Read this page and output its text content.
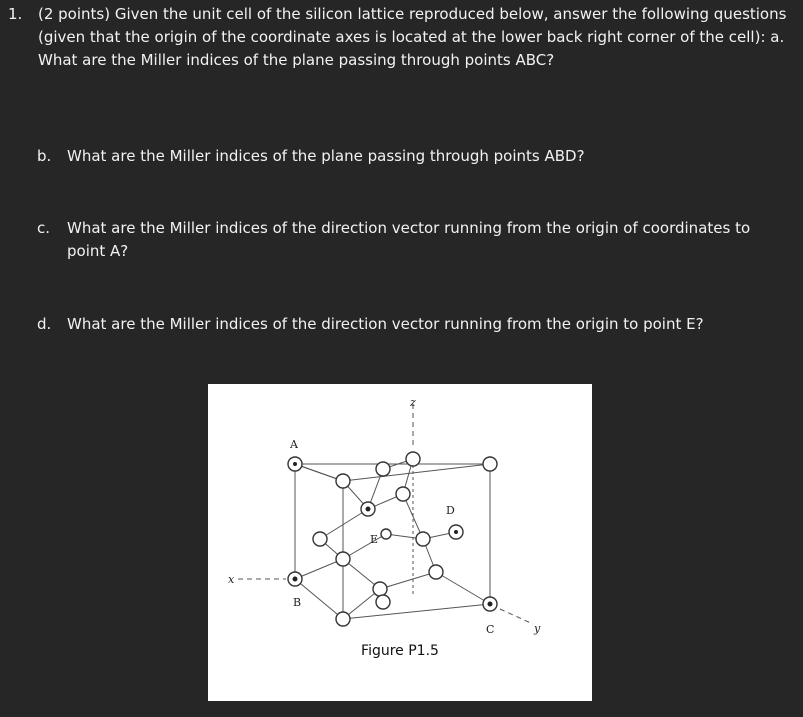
1.	(2 points) Given the unit cell of the silicon lattice reproduced below, answer the following questions (given that the origin of the coordinate axes is located at the lower back right corner of the cell): a. What are the Miller indices of the plane passing through points ABC?
b.	What are the Miller indices of the plane passing through points ABD?
c.	What are the Miller indices of the direction vector running from the origin of coordinates to point A?
d.	What are the Miller indices of the direction vector running from the origin to point E?
A
B
C
D
E
x
y
z
Figure P1.5
